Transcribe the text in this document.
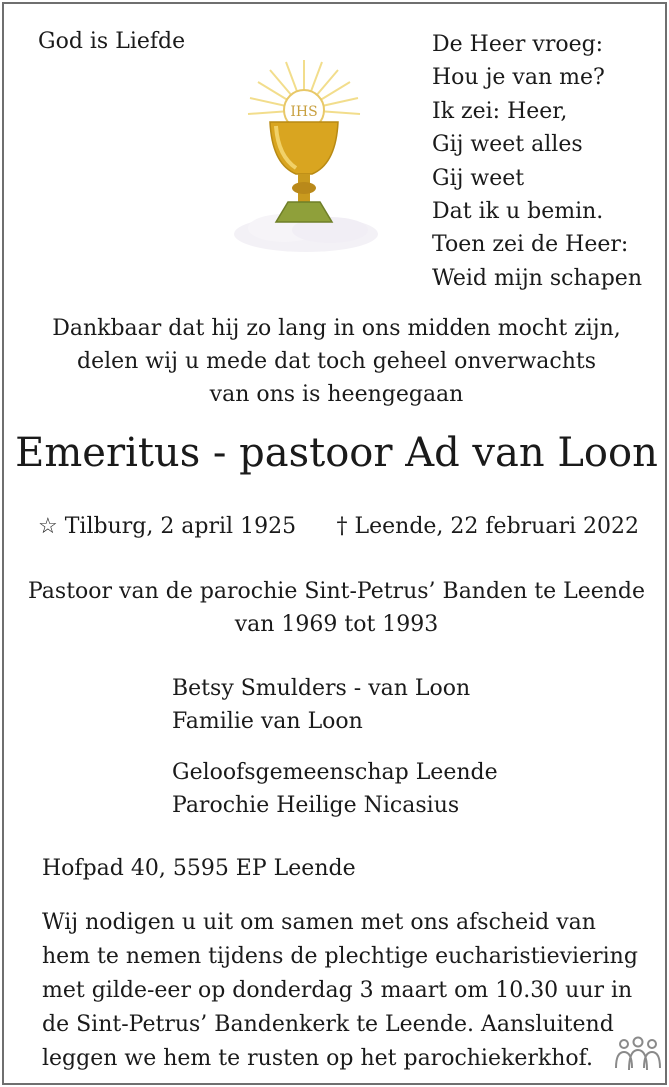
God is Liefde	De Heer vroeg:
Hou je van me?
Ik zei: Heer,
Gij weet alles
Gij weet
Dat ik u bemin.
Toen zei de Heer:
Weid mijn schapen
IHS
Dankbaar dat hij zo lang in ons midden mocht zijn,
delen wij u mede dat toch geheel onverwachts
van ons is heengegaan
Emeritus - pastoor Ad van Loon
☆ Tilburg, 2 april 1925 † Leende, 22 februari 2022
Pastoor van de parochie Sint-Petrus’ Banden te Leende
van 1969 tot 1993
Betsy Smulders - van Loon
Familie van Loon
Geloofsgemeenschap Leende
Parochie Heilige Nicasius
Hofpad 40, 5595 EP Leende
Wij nodigen u uit om samen met ons afscheid van
hem te nemen tijdens de plechtige eucharistieviering
met gilde-eer op donderdag 3 maart om 10.30 uur in
de Sint-Petrus’ Bandenkerk te Leende. Aansluitend
leggen we hem te rusten op het parochiekerkhof.
